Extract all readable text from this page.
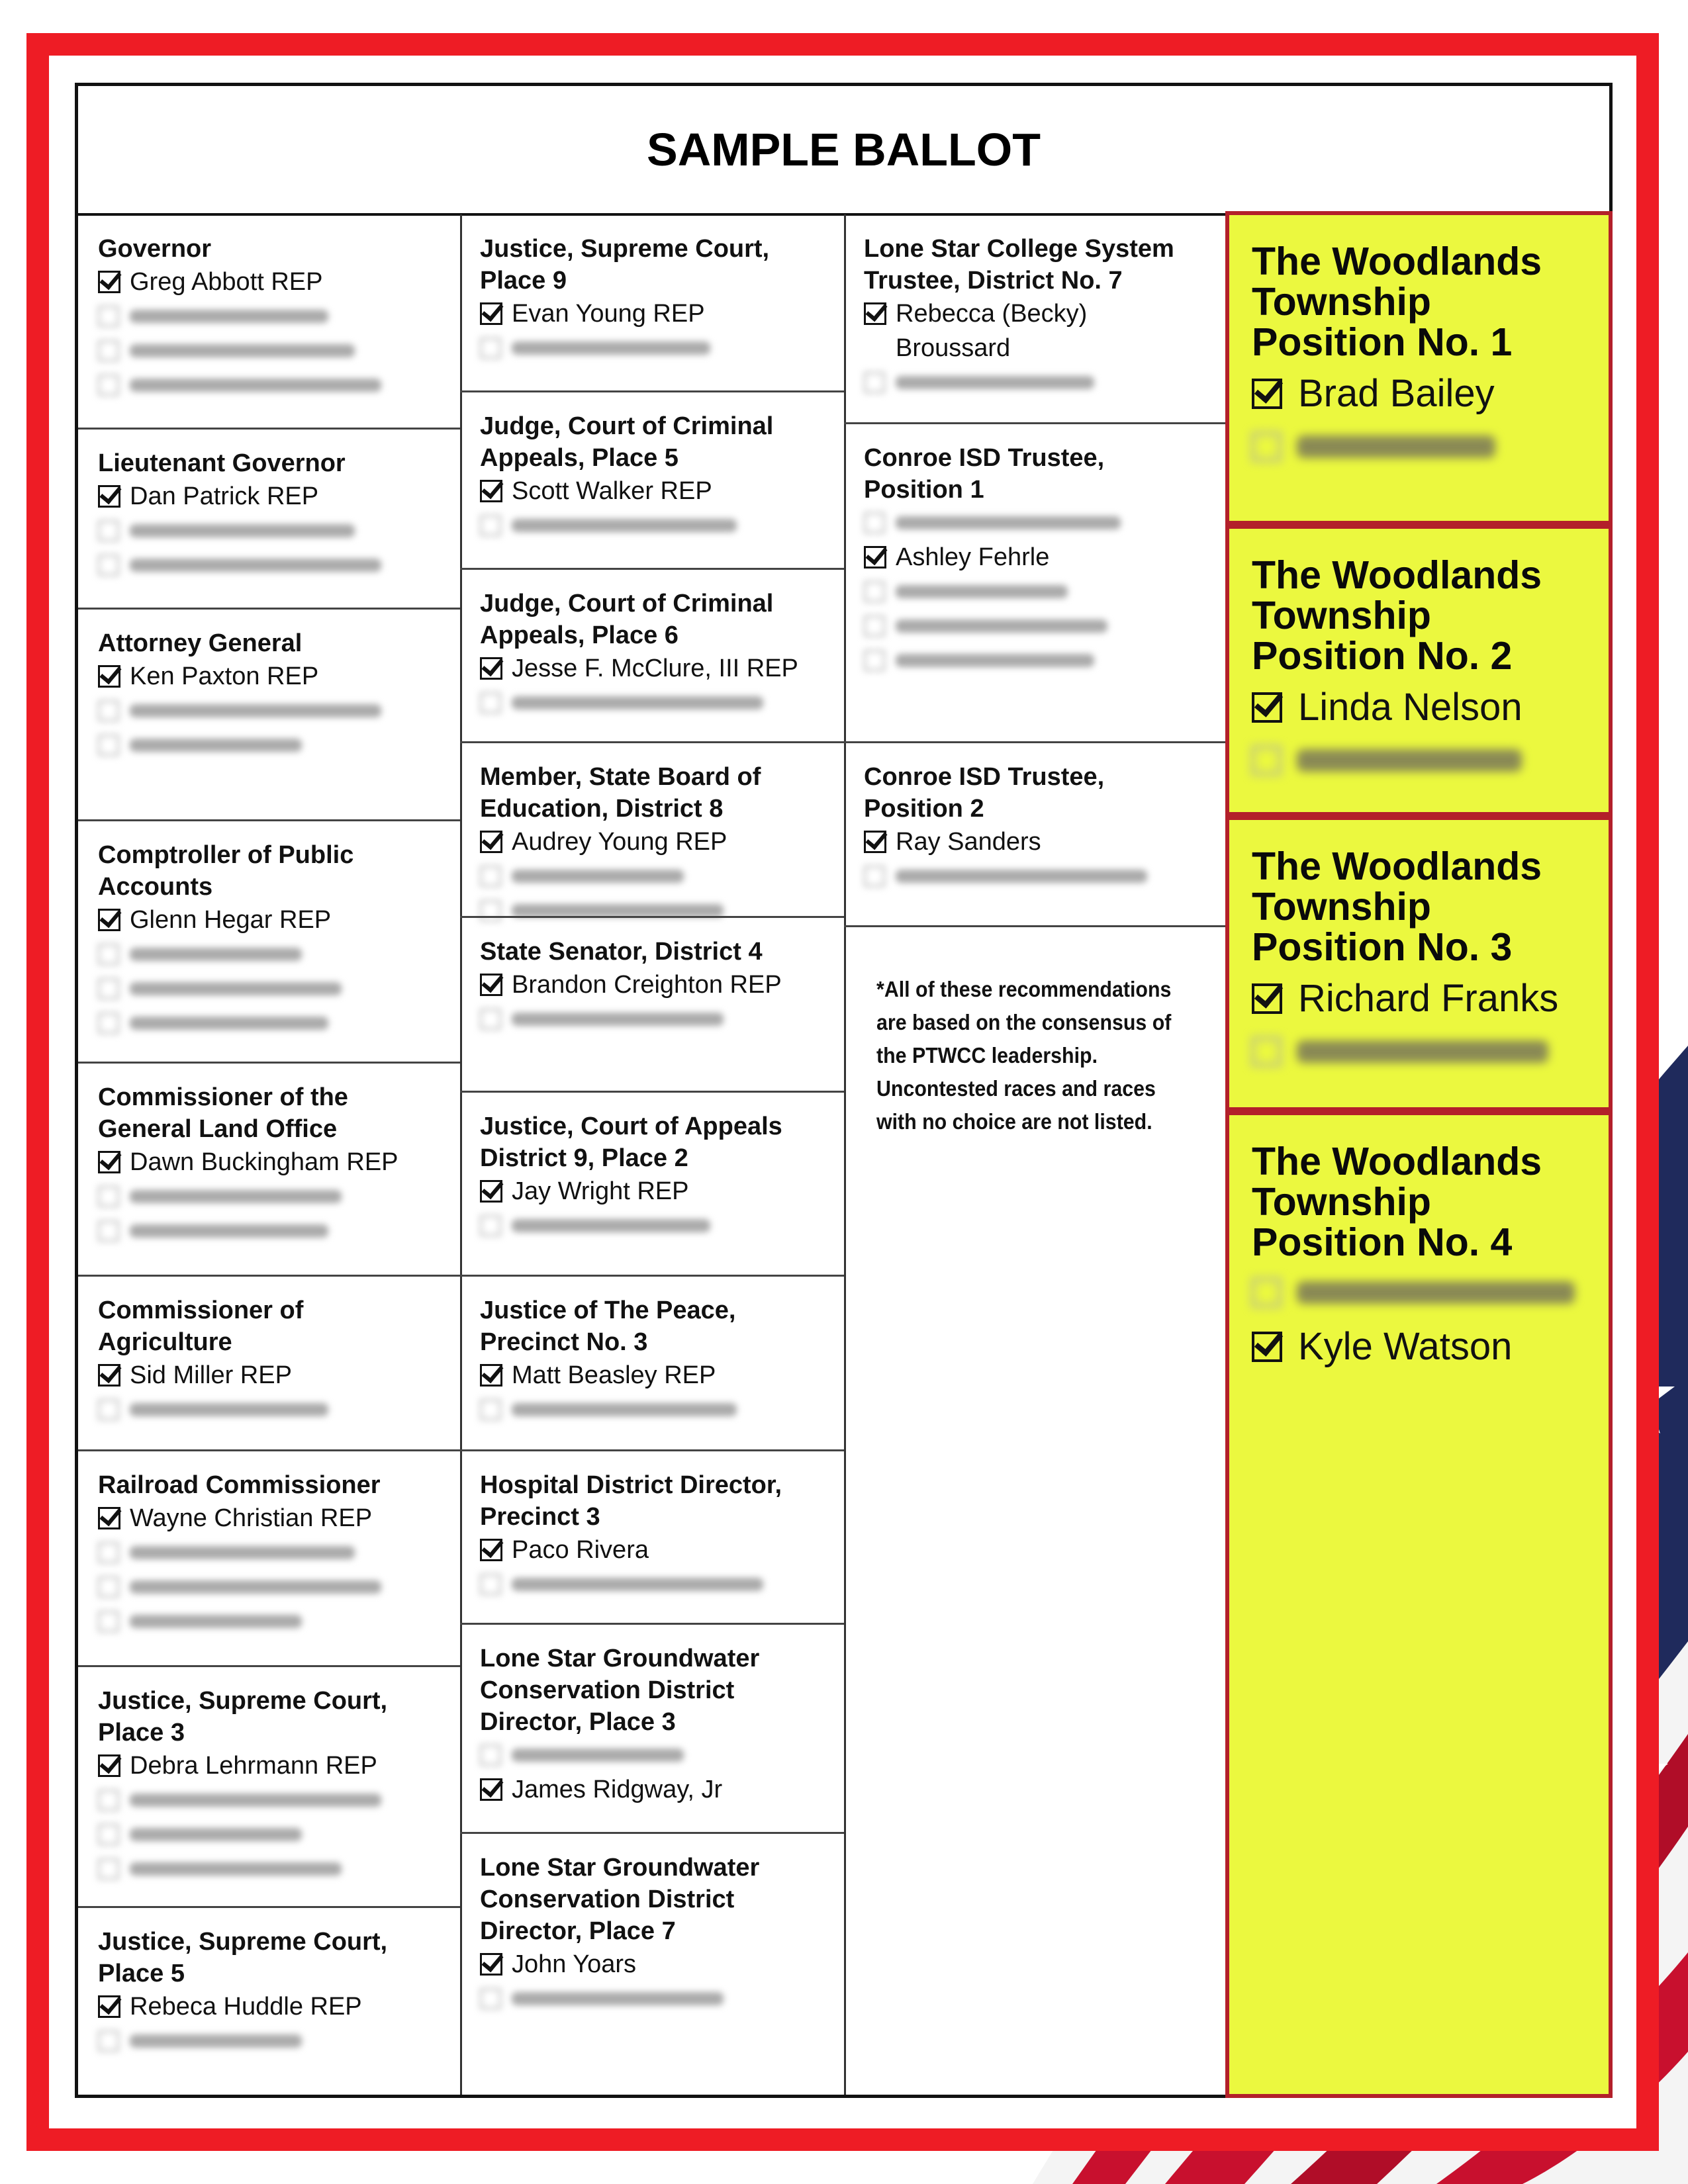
SAMPLE BALLOT
Governor
Greg Abbott REP
Lieutenant Governor
Dan Patrick REP
Attorney General
Ken Paxton REP
Comptroller of Public
Accounts
Glenn Hegar REP
Commissioner of the
General Land Office
Dawn Buckingham REP
Commissioner of
Agriculture
Sid Miller REP
Railroad Commissioner
Wayne Christian REP
Justice, Supreme Court,
Place 3
Debra Lehrmann REP
Justice, Supreme Court,
Place 5
Rebeca Huddle REP
Justice, Supreme Court,
Place 9
Evan Young REP
Judge, Court of Criminal
Appeals, Place 5
Scott Walker REP
Judge, Court of Criminal
Appeals, Place 6
Jesse F. McClure, III REP
Member, State Board of
Education, District 8
Audrey Young REP
State Senator, District 4
Brandon Creighton REP
Justice, Court of Appeals
District 9, Place 2
Jay Wright REP
Justice of The Peace,
Precinct No. 3
Matt Beasley REP
Hospital District Director,
Precinct 3
Paco Rivera
Lone Star Groundwater
Conservation District
Director, Place 3
James Ridgway, Jr
Lone Star Groundwater
Conservation District
Director, Place 7
John Yoars
Lone Star College System
Trustee, District No. 7
Rebecca (Becky)
Broussard
Conroe ISD Trustee,
Position 1
Ashley Fehrle
Conroe ISD Trustee,
Position 2
Ray Sanders
*All of these recommendations are based on the consensus of the PTWCC leadership. Uncontested races and races with no choice are not listed.
The Woodlands
Township
Position No. 1
Brad Bailey
The Woodlands
Township
Position No. 2
Linda Nelson
The Woodlands
Township
Position No. 3
Richard Franks
The Woodlands
Township
Position No. 4
Kyle Watson
